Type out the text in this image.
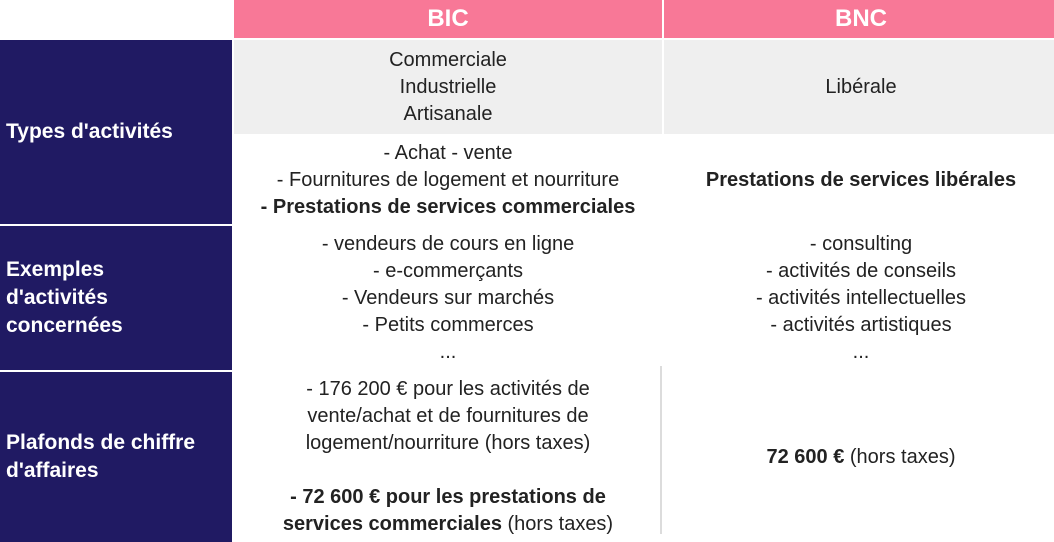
BIC	BNC
Types d'activités
Commerciale
Industrielle
Artisanale
Libérale
- Achat - vente
- Fournitures de logement et nourriture
- Prestations de services commerciales
Prestations de services libérales
Exemples
d'activités
concernées
- vendeurs de cours en ligne
- e-commerçants
- Vendeurs sur marchés
- Petits commerces
...
- consulting
- activités de conseils
- activités intellectuelles
- activités artistiques
...
Plafonds de chiffre
d'affaires
- 176 200 € pour les activités de
vente/achat et de fournitures de
logement/nourriture (hors taxes)
- 72 600 € pour les prestations de
services commerciales (hors taxes)
72 600 € (hors taxes)
